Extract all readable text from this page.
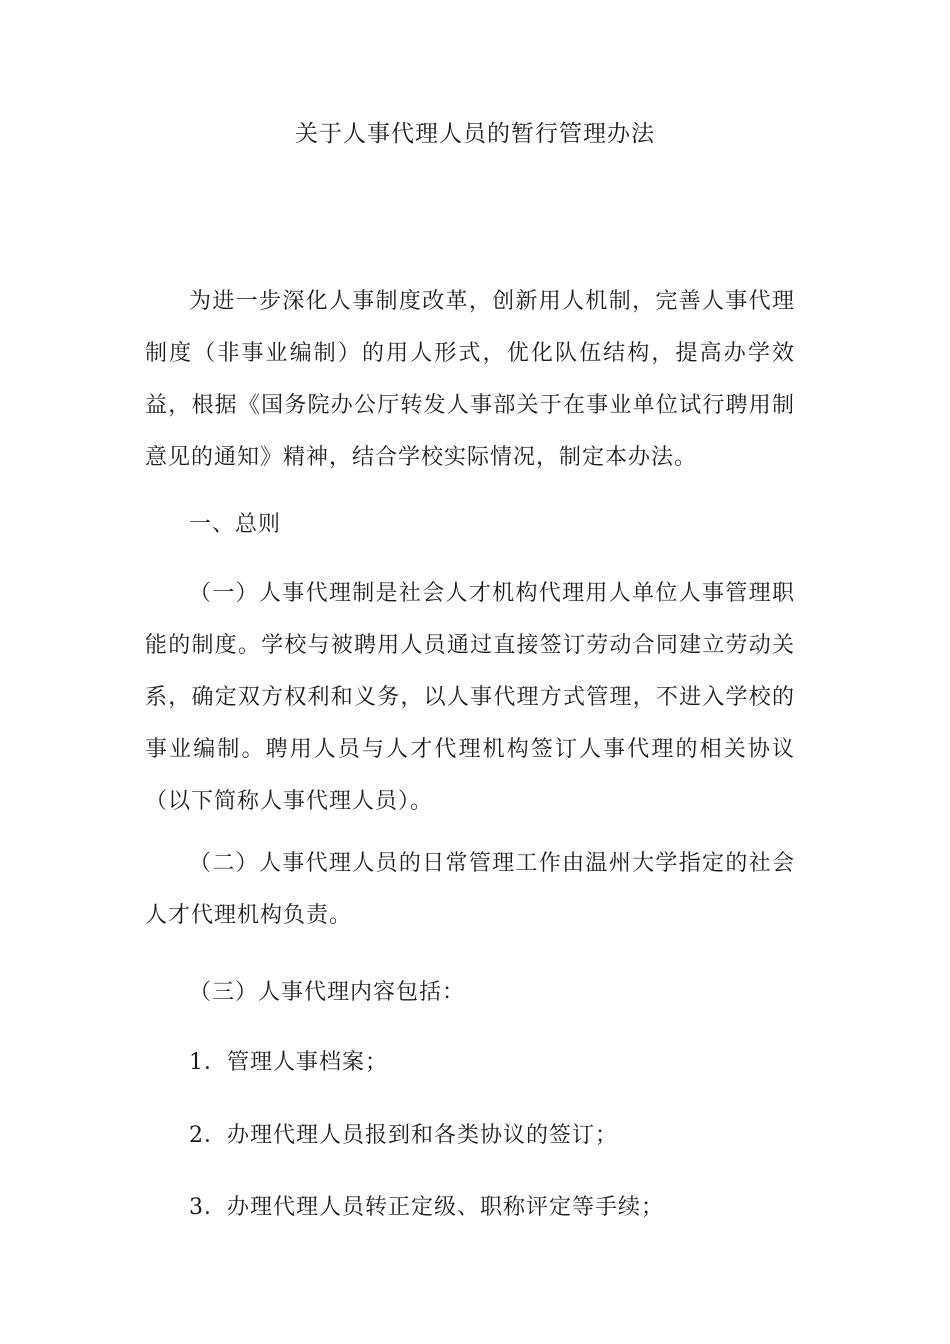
关于人事代理人员的暂行管理办法

为进一步深化人事制度改革，创新用人机制，完善人事代理制度（非事业编制）的用人形式，优化队伍结构，提高办学效益，根据《国务院办公厅转发人事部关于在事业单位试行聘用制意见的通知》精神，结合学校实际情况，制定本办法。

一、总则

（一）人事代理制是社会人才机构代理用人单位人事管理职能的制度。学校与被聘用人员通过直接签订劳动合同建立劳动关系，确定双方权利和义务，以人事代理方式管理，不进入学校的事业编制。聘用人员与人才代理机构签订人事代理的相关协议（以下简称人事代理人员）。

（二）人事代理人员的日常管理工作由温州大学指定的社会人才代理机构负责。

（三）人事代理内容包括：

1．管理人事档案；

2．办理代理人员报到和各类协议的签订；

3．办理代理人员转正定级、职称评定等手续；
